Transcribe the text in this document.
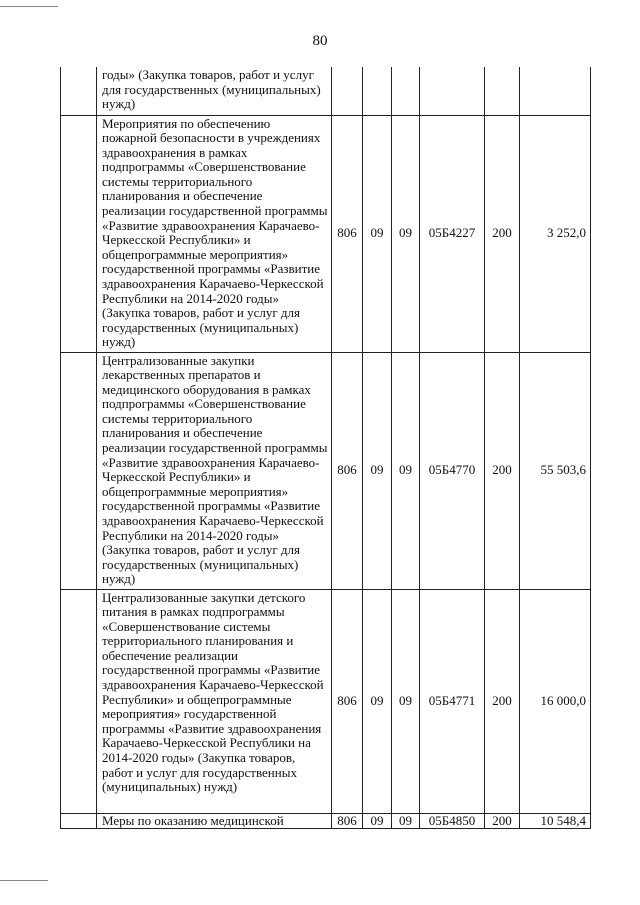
80
	годы» (Закупка товаров, работ и услуг для государственных (муниципальных) нужд)						
	Мероприятия по обеспечению пожарной безопасности в учреждениях здравоохранения в рамках подпрограммы «Совершенствование системы территориального планирования и обеспечение реализации государственной программы «Развитие здравоохранения Карачаево-Черкесской Республики» и общепрограммные мероприятия» государственной программы «Развитие здравоохранения Карачаево-Черкесской Республики на 2014-2020 годы» (Закупка товаров, работ и услуг для государственных (муниципальных) нужд)	806	09	09	05Б4227	200	3 252,0
	Централизованные закупки лекарственных препаратов и медицинского оборудования в рамках подпрограммы «Совершенствование системы территориального планирования и обеспечение реализации государственной программы «Развитие здравоохранения Карачаево-Черкесской Республики» и общепрограммные мероприятия» государственной программы «Развитие здравоохранения Карачаево-Черкесской Республики на 2014-2020 годы» (Закупка товаров, работ и услуг для государственных (муниципальных) нужд)	806	09	09	05Б4770	200	55 503,6
	Централизованные закупки детского питания в рамках подпрограммы «Совершенствование системы территориального планирования и обеспечение реализации государственной программы «Развитие здравоохранения Карачаево-Черкесской Республики» и общепрограммные мероприятия» государственной программы «Развитие здравоохранения Карачаево-Черкесской Республики на 2014-2020 годы» (Закупка товаров, работ и услуг для государственных (муниципальных) нужд)	806	09	09	05Б4771	200	16 000,0
	Меры по оказанию медицинской	806	09	09	05Б4850	200	10 548,4
